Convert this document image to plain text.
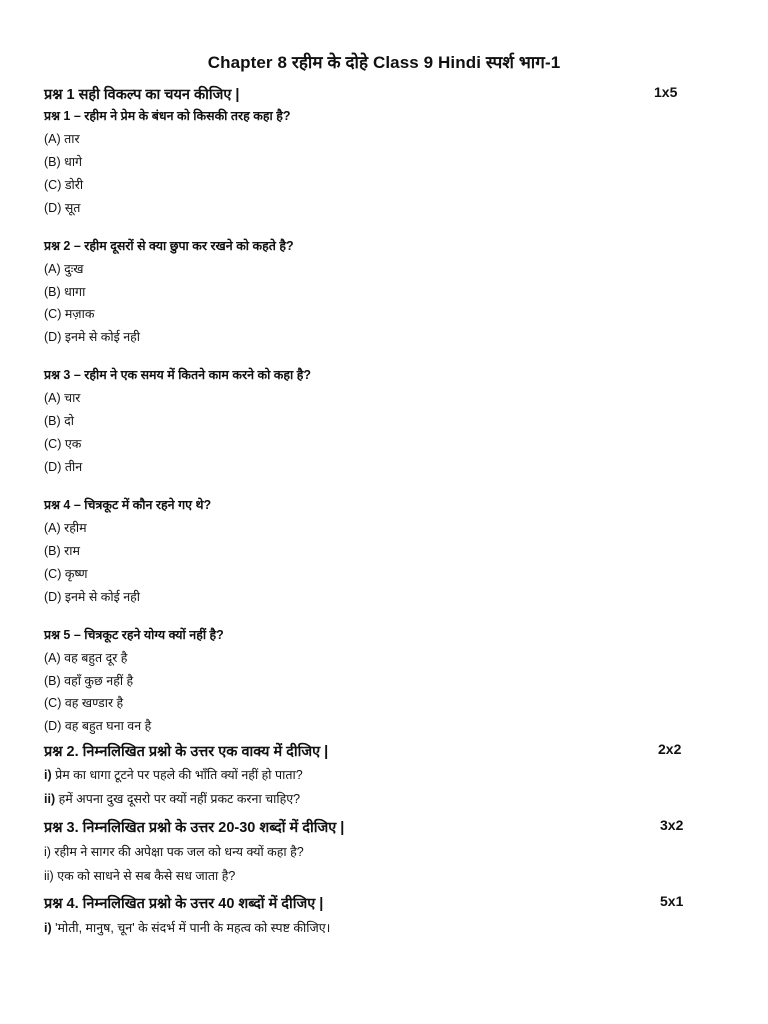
Chapter 8 रहीम के दोहे Class 9 Hindi स्पर्श भाग-1
प्रश्न 1 सही विकल्प का चयन कीजिए |	1x5
प्रश्न 1 – रहीम ने प्रेम के बंधन को किसकी तरह कहा है?
(A) तार
(B) धागे
(C) डोरी
(D) सूत
प्रश्न 2 – रहीम दूसरों से क्या छुपा कर रखने को कहते है?
(A) दुःख
(B) धागा
(C) मज़ाक
(D) इनमे से कोई नही
प्रश्न 3 – रहीम ने एक समय में कितने काम करने को कहा है?
(A) चार
(B) दो
(C) एक
(D) तीन
प्रश्न 4 – चित्रकूट में कौन रहने गए थे?
(A) रहीम
(B) राम
(C) कृष्ण
(D) इनमे से कोई नही
प्रश्न 5 – चित्रकूट रहने योग्य क्यों नहीं है?
(A) वह बहुत दूर है
(B) वहाँ कुछ नहीं है
(C) वह खण्डार है
(D) वह बहुत घना वन है
प्रश्न 2. निम्नलिखित प्रश्नो के उत्तर एक वाक्य में दीजिए |	2x2
i) प्रेम का धागा टूटने पर पहले की भाँति क्यों नहीं हो पाता?
ii) हमें अपना दुख दूसरो पर क्यों नहीं प्रकट करना चाहिए?
प्रश्न 3. निम्नलिखित प्रश्नो के उत्तर 20-30 शब्दों में दीजिए |	3x2
i) रहीम ने सागर की अपेक्षा पक जल को धन्य क्यों कहा है?
ii) एक को साधने से सब कैसे सध जाता है?
प्रश्न 4. निम्नलिखित प्रश्नो के उत्तर 40 शब्दों में दीजिए |	5x1
i) 'मोती, मानुष, चून' के संदर्भ में पानी के महत्व को स्पष्ट कीजिए।
